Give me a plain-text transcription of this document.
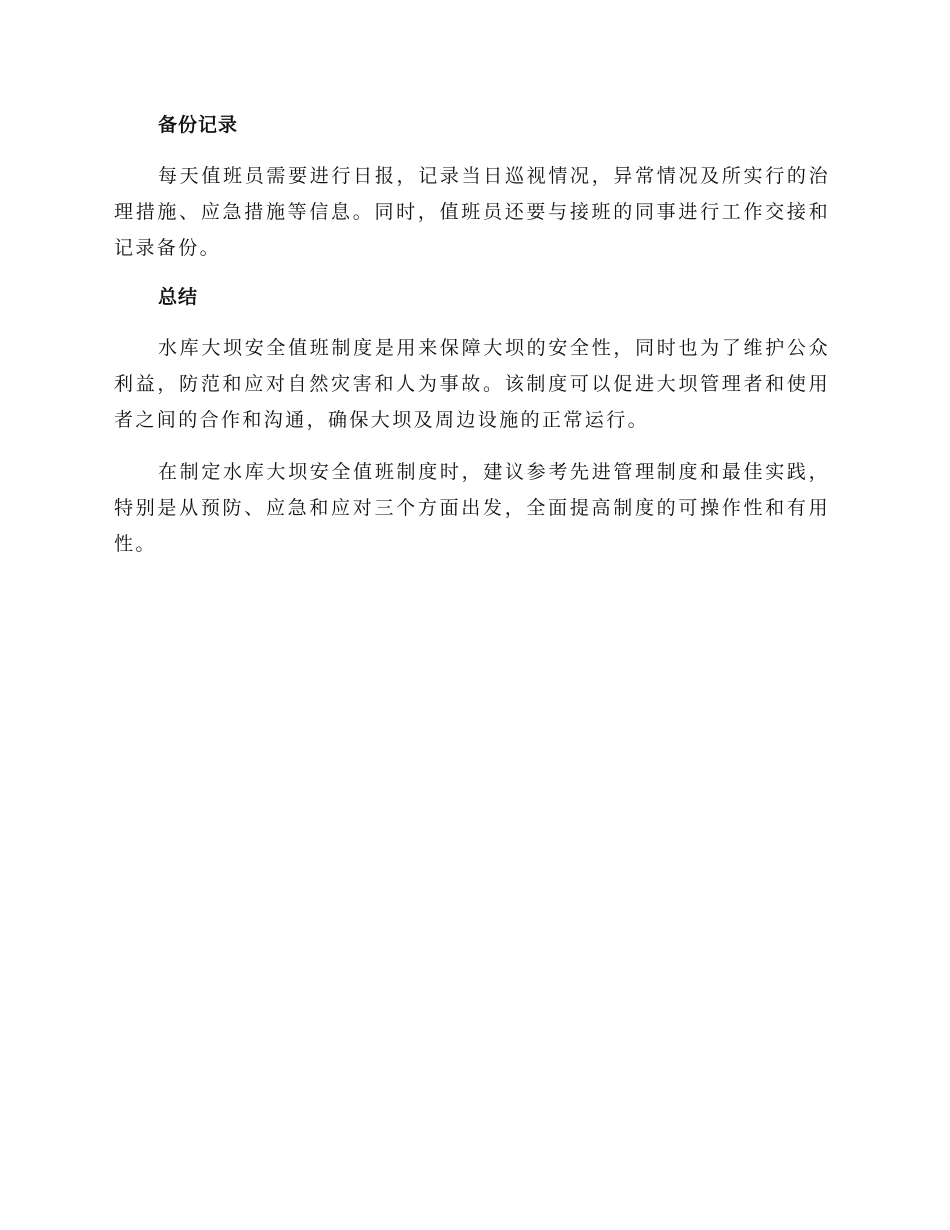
备份记录

每天值班员需要进行日报，记录当日巡视情况，异常情况及所实行的治理措施、应急措施等信息。同时，值班员还要与接班的同事进行工作交接和记录备份。

总结

水库大坝安全值班制度是用来保障大坝的安全性，同时也为了维护公众利益，防范和应对自然灾害和人为事故。该制度可以促进大坝管理者和使用者之间的合作和沟通，确保大坝及周边设施的正常运行。

在制定水库大坝安全值班制度时，建议参考先进管理制度和最佳实践，特别是从预防、应急和应对三个方面出发，全面提高制度的可操作性和有用性。
